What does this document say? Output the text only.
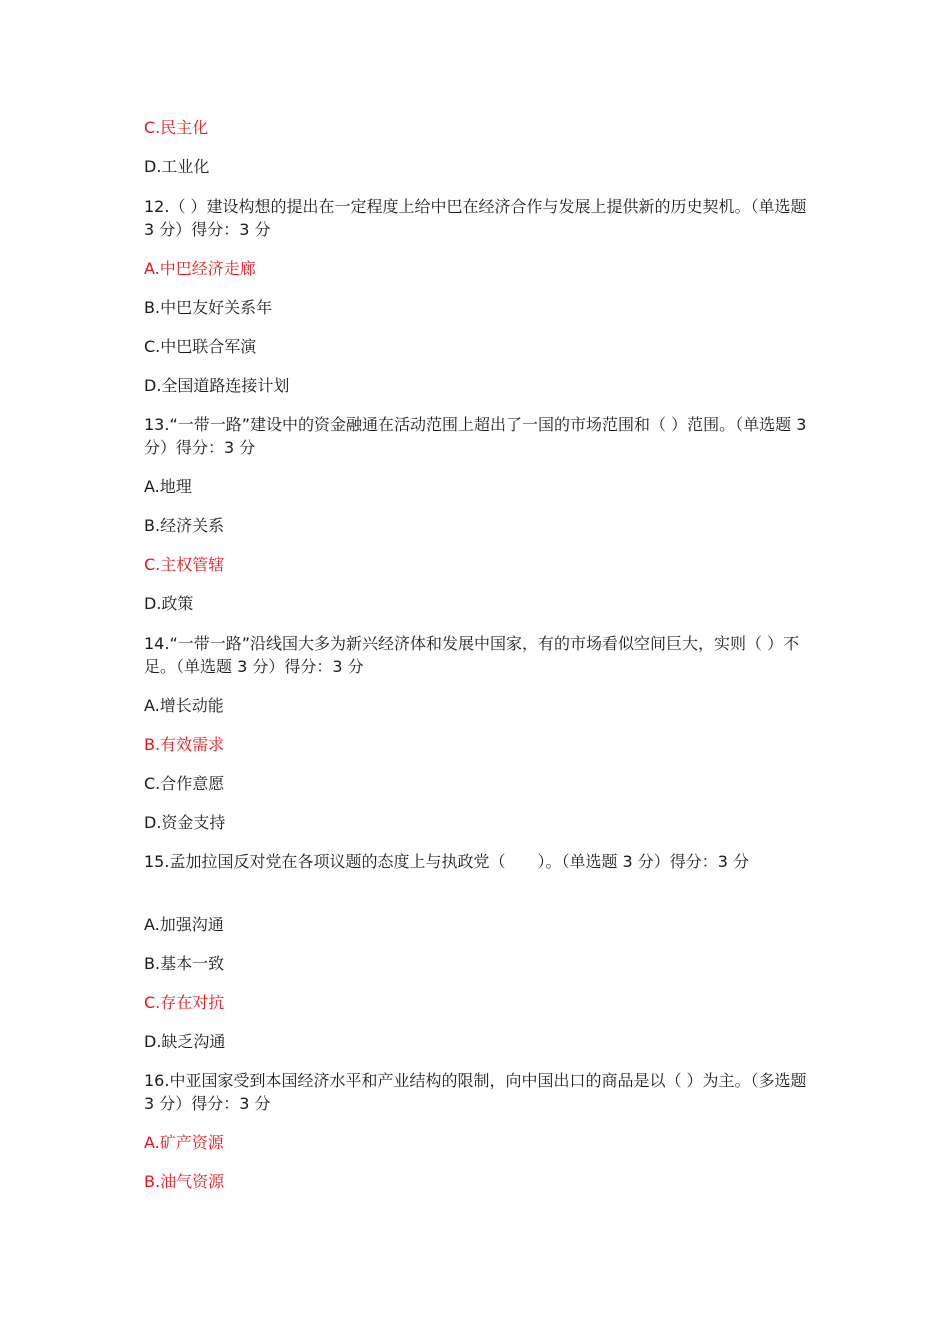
C.民主化
D.工业化
12.（ ）建设构想的提出在一定程度上给中巴在经济合作与发展上提供新的历史契机。（单选题 3 分）得分：3 分
A.中巴经济走廊
B.中巴友好关系年
C.中巴联合军演
D.全国道路连接计划
13.“一带一路”建设中的资金融通在活动范围上超出了一国的市场范围和（ ）范围。（单选题 3 分）得分：3 分
A.地理
B.经济关系
C.主权管辖
D.政策
14.“一带一路”沿线国大多为新兴经济体和发展中国家，有的市场看似空间巨大，实则（ ）不足。（单选题 3 分）得分：3 分
A.增长动能
B.有效需求
C.合作意愿
D.资金支持
15.孟加拉国反对党在各项议题的态度上与执政党（　　）。（单选题 3 分）得分：3 分
A.加强沟通
B.基本一致
C.存在对抗
D.缺乏沟通
16.中亚国家受到本国经济水平和产业结构的限制，向中国出口的商品是以（ ）为主。（多选题 3 分）得分：3 分
A.矿产资源
B.油气资源
